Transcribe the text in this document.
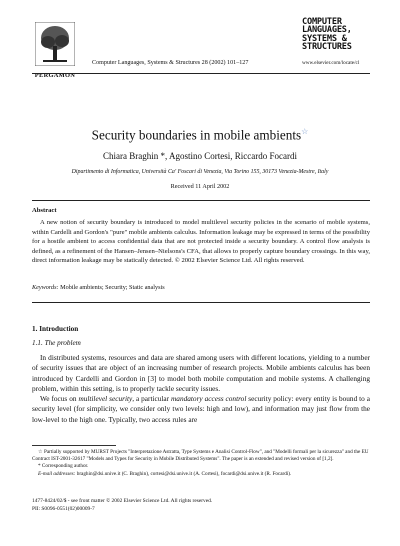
PERGAMON
Computer Languages, Systems & Structures 28 (2002) 101–127
COMPUTER
LANGUAGES,
SYSTEMS &
STRUCTURES
www.elsevier.com/locate/cl
Security boundaries in mobile ambients☆
Chiara Braghin *, Agostino Cortesi, Riccardo Focardi
Dipartimento di Informatica, Università Ca' Foscari di Venezia, Via Torino 155, 30173 Venezia-Mestre, Italy
Received 11 April 2002
Abstract
A new notion of security boundary is introduced to model multilevel security policies in the scenario of mobile systems, within Cardelli and Gordon's "pure" mobile ambients calculus. Information leakage may be expressed in terms of the possibility for a hostile ambient to access confidential data that are not protected inside a security boundary. A control flow analysis is defined, as a refinement of the Hansen–Jensen–Nielsons's CFA, that allows to properly capture boundary crossings. In this way, direct information leakage may be statically detected. © 2002 Elsevier Science Ltd. All rights reserved.
Keywords: Mobile ambients; Security; Static analysis
1. Introduction
1.1. The problem

In distributed systems, resources and data are shared among users with different locations, yielding to a number of security issues that are object of an increasing number of research projects. Mobile ambients calculus has been introduced by Cardelli and Gordon in [3] to model both mobile computation and mobile systems. A challenging problem, within this setting, is to properly tackle security issues.

We focus on multilevel security, a particular mandatory access control security policy: every entity is bound to a security level (for simplicity, we consider only two levels: high and low), and information may just flow from the low-level to the high one. Typically, two access rules are

☆ Partially supported by MURST Projects "Interpretazione Astratta, Type Systems e Analisi Control-Flow", and "Modelli formali per la sicurezza" and the EU Contract IST-2001-32617 "Models and Types for Security in Mobile Distributed Systems". The paper is an extended and revised version of [1,2].

* Corresponding author.

E-mail addresses: braghin@dsi.unive.it (C. Braghin), cortesi@dsi.unive.it (A. Cortesi), focardi@dsi.unive.it (R. Focardi).

1477-8424/02/$ - see front matter © 2002 Elsevier Science Ltd. All rights reserved.
PII: S0096-0551(02)00009-7
